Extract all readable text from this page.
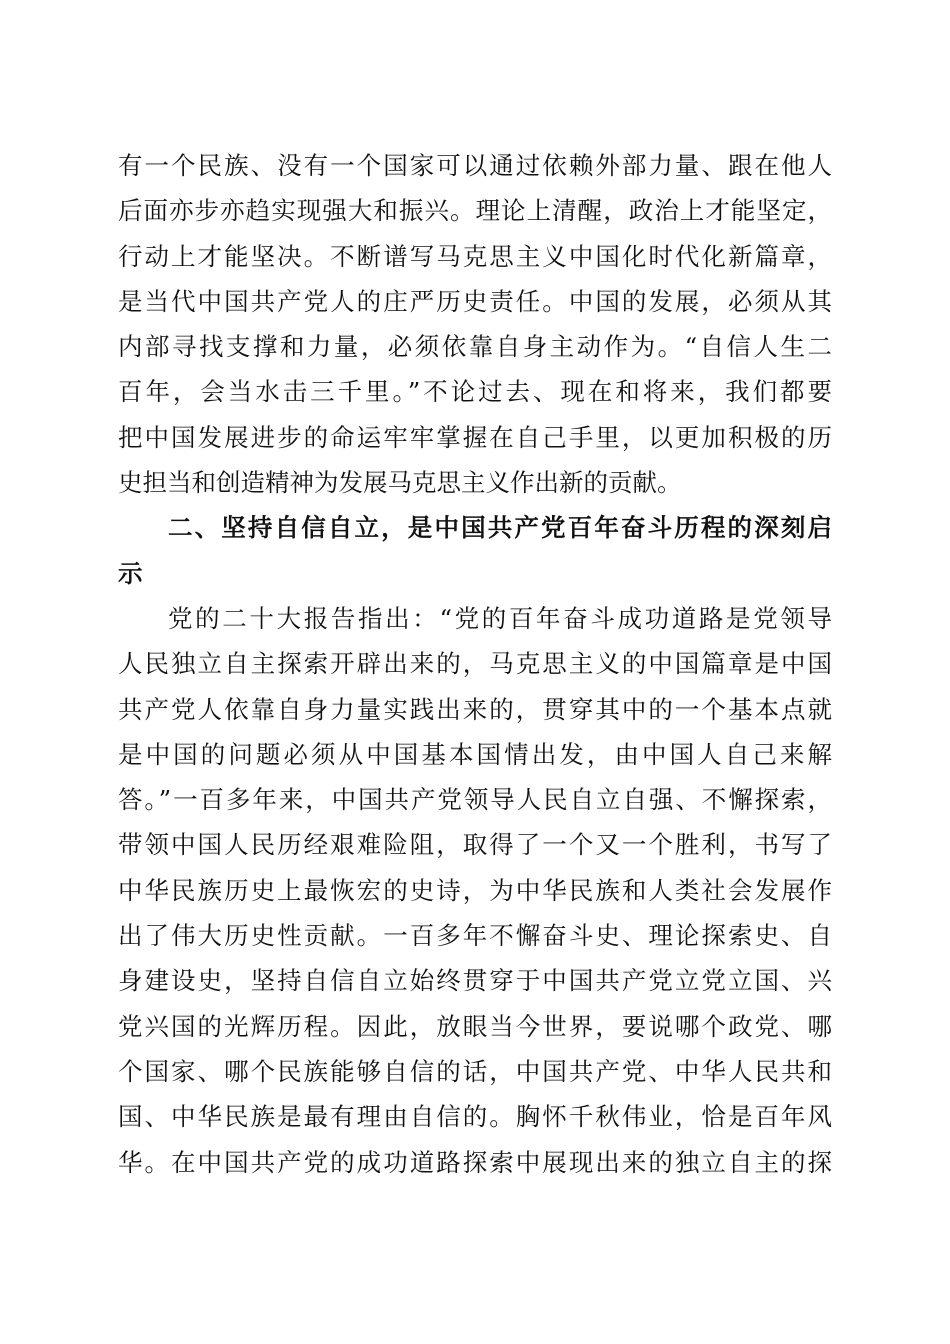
有一个民族、没有一个国家可以通过依赖外部力量、跟在他人
后面亦步亦趋实现强大和振兴。理论上清醒，政治上才能坚定，
行动上才能坚决。不断谱写马克思主义中国化时代化新篇章，
是当代中国共产党人的庄严历史责任。中国的发展，必须从其
内部寻找支撑和力量，必须依靠自身主动作为。“自信人生二
百年，会当水击三千里。”不论过去、现在和将来，我们都要
把中国发展进步的命运牢牢掌握在自己手里，以更加积极的历
史担当和创造精神为发展马克思主义作出新的贡献。
二、坚持自信自立，是中国共产党百年奋斗历程的深刻启
示
党的二十大报告指出：“党的百年奋斗成功道路是党领导
人民独立自主探索开辟出来的，马克思主义的中国篇章是中国
共产党人依靠自身力量实践出来的，贯穿其中的一个基本点就
是中国的问题必须从中国基本国情出发，由中国人自己来解
答。”一百多年来，中国共产党领导人民自立自强、不懈探索，
带领中国人民历经艰难险阻，取得了一个又一个胜利，书写了
中华民族历史上最恢宏的史诗，为中华民族和人类社会发展作
出了伟大历史性贡献。一百多年不懈奋斗史、理论探索史、自
身建设史，坚持自信自立始终贯穿于中国共产党立党立国、兴
党兴国的光辉历程。因此，放眼当今世界，要说哪个政党、哪
个国家、哪个民族能够自信的话，中国共产党、中华人民共和
国、中华民族是最有理由自信的。胸怀千秋伟业，恰是百年风
华。在中国共产党的成功道路探索中展现出来的独立自主的探
